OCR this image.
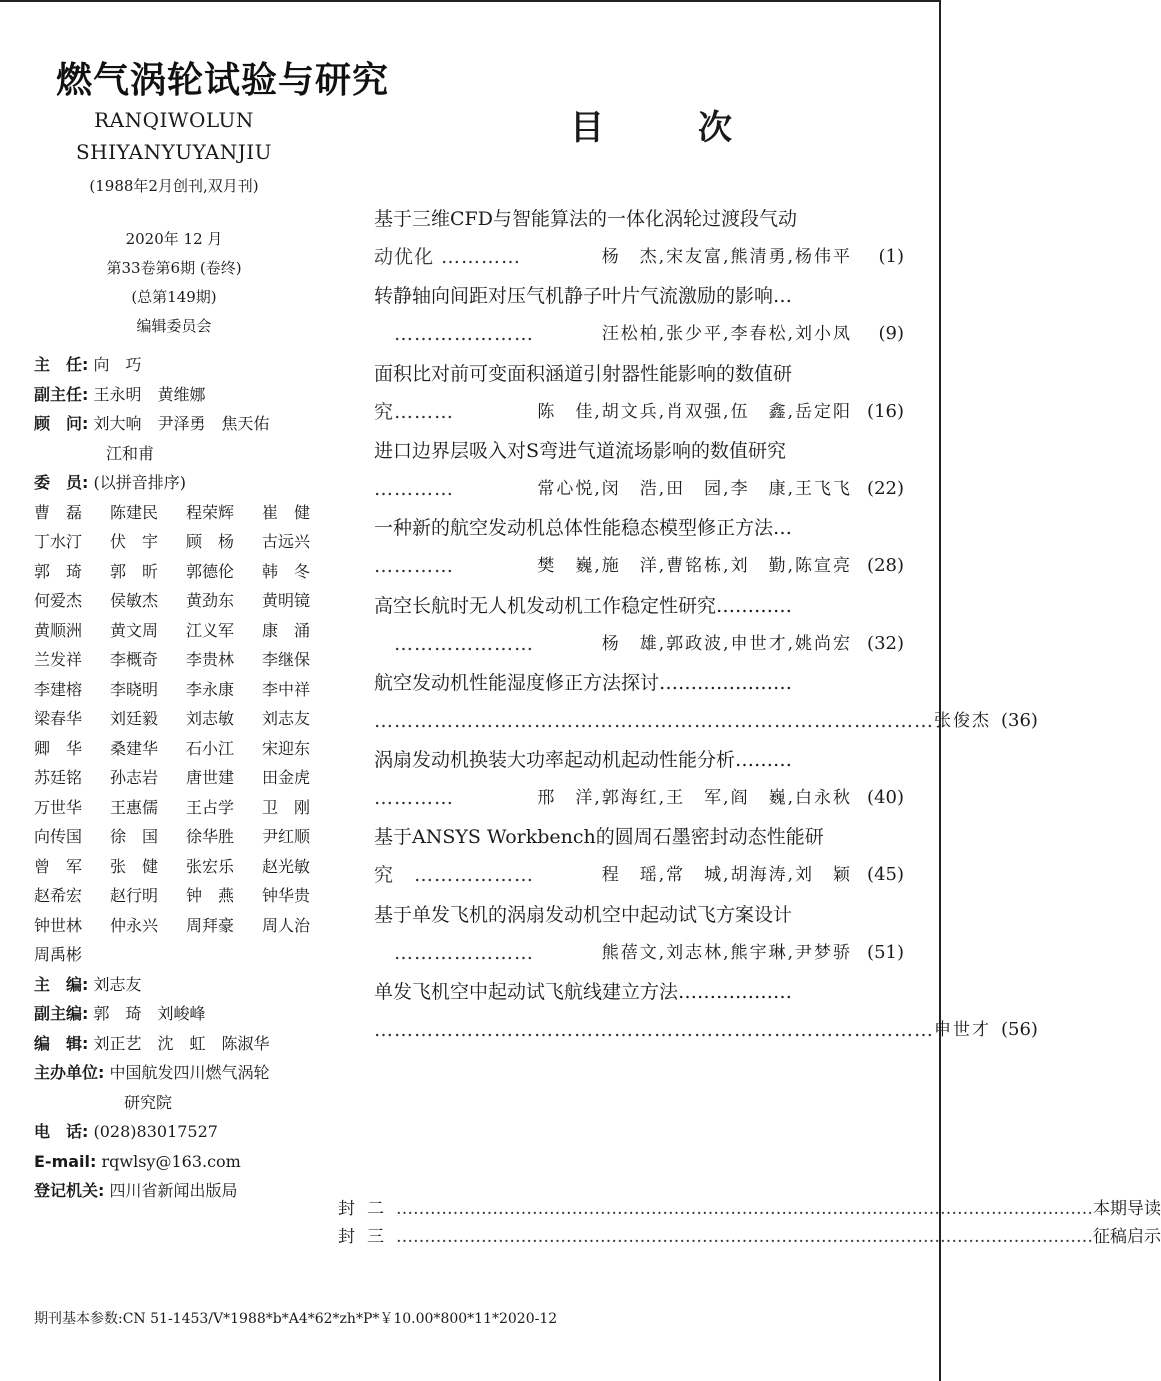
燃气涡轮试验与研究
RANQIWOLUN
SHIYANYUYANJIU
(1988年2月创刊,双月刊)
2020年 12 月
第33卷第6期 (卷终)
(总第149期)
编辑委员会
主　任: 向　巧
副主任: 王永明　黄维娜
顾　问: 刘大响　尹泽勇　焦天佑
江和甫
委　员: (以拼音排序)
曹　磊	陈建民	程荣辉	崔　健
丁水汀	伏　宇	顾　杨	古远兴
郭　琦	郭　昕	郭德伦	韩　冬
何爱杰	侯敏杰	黄劲东	黄明镜
黄顺洲	黄文周	江义军	康　涌
兰发祥	李概奇	李贵林	李继保
李建榕	李晓明	李永康	李中祥
梁春华	刘廷毅	刘志敏	刘志友
卿　华	桑建华	石小江	宋迎东
苏廷铭	孙志岩	唐世建	田金虎
万世华	王惠儒	王占学	卫　刚
向传国	徐　国	徐华胜	尹红顺
曾　军	张　健	张宏乐	赵光敏
赵希宏	赵行明	钟　燕	钟华贵
钟世林	仲永兴	周拜豪	周人治
周禹彬
主　编: 刘志友
副主编: 郭　琦　刘峻峰
编　辑: 刘正艺　沈　虹　陈淑华
主办单位: 中国航发四川燃气涡轮
研究院
电　话: (028)83017527
E-mail: rqwlsy@163.com
登记机关: 四川省新闻出版局
目　次
基于三维CFD与智能算法的一体化涡轮过渡段气动
动优化 …………	杨　杰,宋友富,熊清勇,杨伟平	(1)
转静轴向间距对压气机静子叶片气流激励的影响…
　…………………	汪松柏,张少平,李春松,刘小凤	(9)
面积比对前可变面积涵道引射器性能影响的数值研
究………	陈　佳,胡文兵,肖双强,伍　鑫,岳定阳 (16)
进口边界层吸入对S弯进气道流场影响的数值研究
…………	常心悦,闵　浩,田　园,李　康,王飞飞 (22)
一种新的航空发动机总体性能稳态模型修正方法…
…………	樊　巍,施　洋,曹铭栋,刘　勤,陈宣亮 (28)
高空长航时无人机发动机工作稳定性研究…………
　…………………	杨　雄,郭政波,申世才,姚尚宏 (32)
航空发动机性能湿度修正方法探讨…………………
………………………………………………………………………… 张俊杰 (36)
涡扇发动机换装大功率起动机起动性能分析………
…………	邢　洋,郭海红,王　军,阎　巍,白永秋 (40)
基于ANSYS Workbench的圆周石墨密封动态性能研
究　………………	程　瑶,常　城,胡海涛,刘　颖 (45)
基于单发飞机的涡扇发动机空中起动试飞方案设计
　…………………	熊蓓文,刘志林,熊宇琳,尹梦骄 (51)
单发飞机空中起动试飞航线建立方法………………
………………………………………………………………………… 申世才 (56)
封二 …………………………………………………………………………………………………………… 本期导读
封三 …………………………………………………………………………………………………………… 征稿启示
期刊基本参数:CN 51-1453/V*1988*b*A4*62*zh*P*￥10.00*800*11*2020-12
